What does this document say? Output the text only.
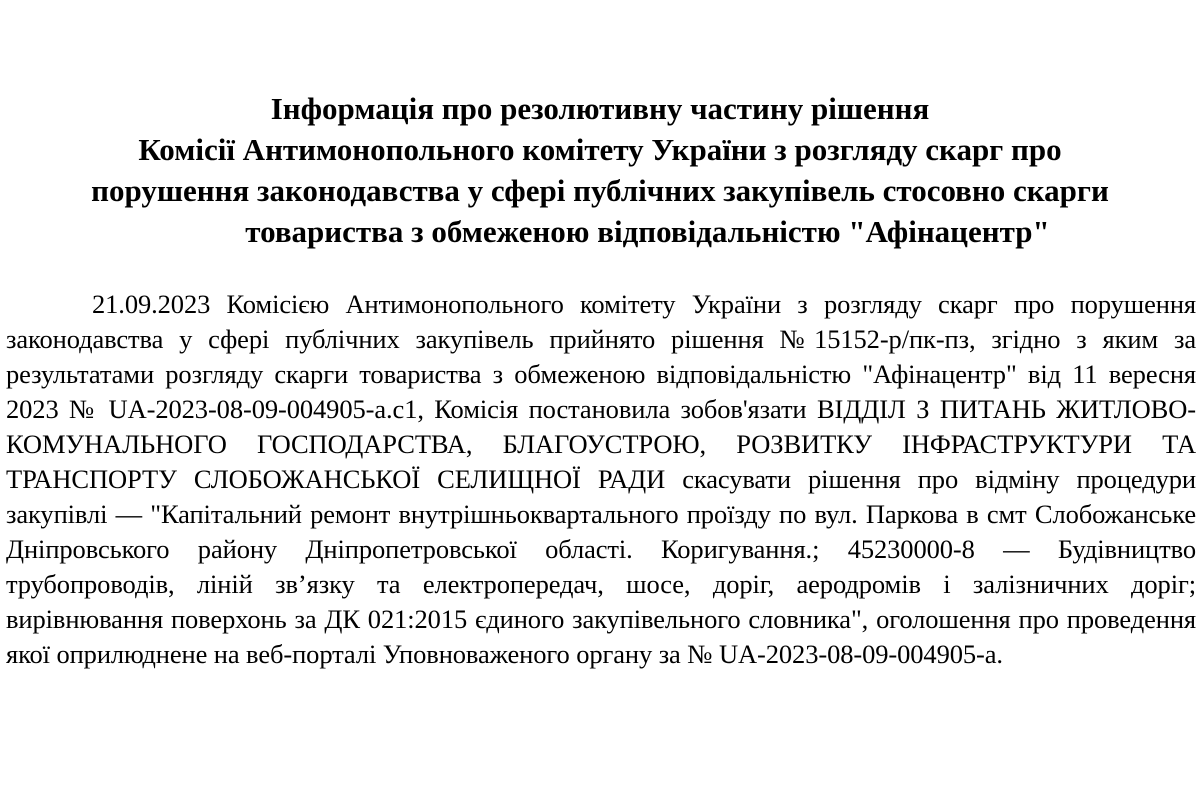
Інформація про резолютивну частину рішення
Комісії Антимонопольного комітету України з розгляду скарг про
порушення законодавства у сфері публічних закупівель стосовно скарги
товариства з обмеженою відповідальністю "Афінацентр"

21.09.2023 Комісією Антимонопольного комітету України з розгляду скарг про порушення законодавства у сфері публічних закупівель прийнято рішення №15152-р/пк-пз, згідно з яким за результатами розгляду скарги товариства з обмеженою відповідальністю "Афінацентр" від 11 вересня 2023 № UA-2023-08-09-004905-a.c1, Комісія постановила зобов'язати ВІДДІЛ З ПИТАНЬ ЖИТЛОВО-КОМУНАЛЬНОГО ГОСПОДАРСТВА, БЛАГОУСТРОЮ, РОЗВИТКУ ІНФРАСТРУКТУРИ ТА ТРАНСПОРТУ СЛОБОЖАНСЬКОЇ СЕЛИЩНОЇ РАДИ скасувати рішення про відміну процедури закупівлі — "Капітальний ремонт внутрішньоквартального проїзду по вул. Паркова в смт Слобожанське Дніпровського району Дніпропетровської області. Коригування.; 45230000-8 — Будівництво трубопроводів, ліній зв’язку та електропередач, шосе, доріг, аеродромів і залізничних доріг; вирівнювання поверхонь за ДК 021:2015 єдиного закупівельного словника", оголошення про проведення якої оприлюднене на веб-порталі Уповноваженого органу за № UA-2023-08-09-004905-a.
